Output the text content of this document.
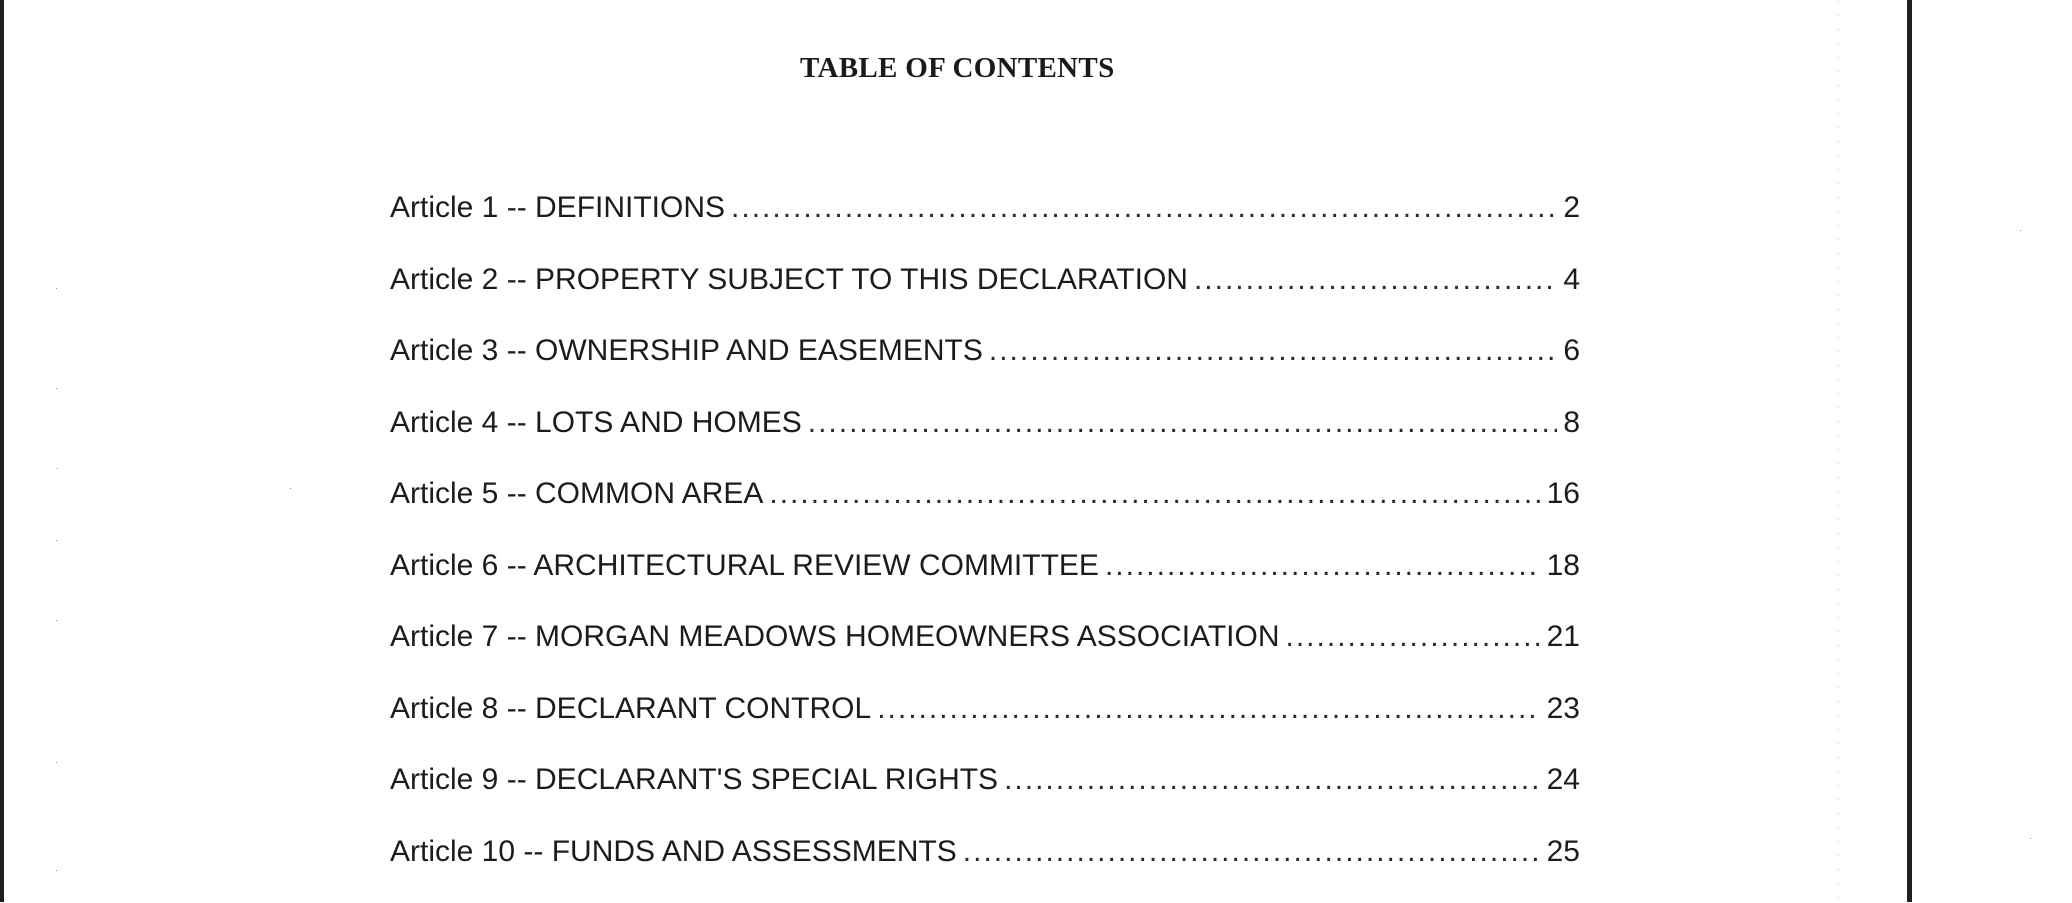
TABLE OF CONTENTS
Article 1 -- DEFINITIONS .....	2
Article 2 -- PROPERTY SUBJECT TO THIS DECLARATION .....	4
Article 3 -- OWNERSHIP AND EASEMENTS .....	6
Article 4 -- LOTS AND HOMES .....	8
Article 5 -- COMMON AREA .....	16
Article 6 -- ARCHITECTURAL REVIEW COMMITTEE .....	18
Article 7 -- MORGAN MEADOWS HOMEOWNERS ASSOCIATION .....	21
Article 8 -- DECLARANT CONTROL .....	23
Article 9 -- DECLARANT'S SPECIAL RIGHTS .....	24
Article 10 -- FUNDS AND ASSESSMENTS .....	25
